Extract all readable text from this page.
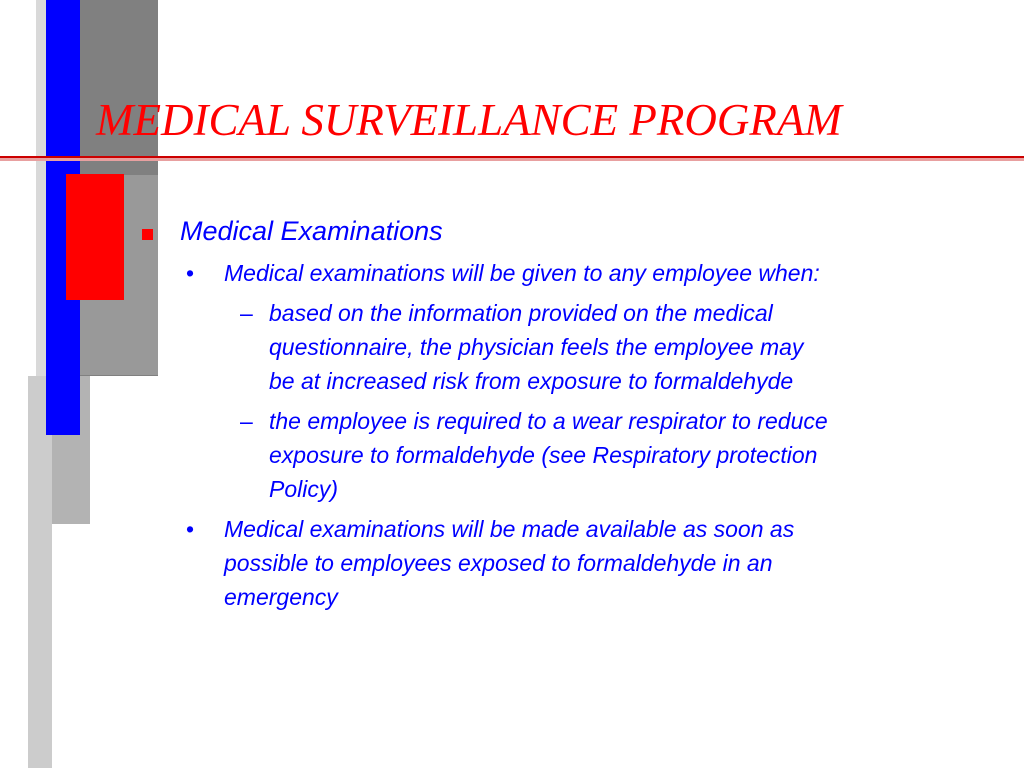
MEDICAL SURVEILLANCE PROGRAM
Medical Examinations
• Medical examinations will be given to any employee when:
– based on the information provided on the medical questionnaire, the physician feels the employee may be at increased risk from exposure to formaldehyde
– the employee is required to a wear respirator to reduce exposure to formaldehyde (see Respiratory protection Policy)
• Medical examinations will be made available as soon as possible to employees exposed to formaldehyde in an emergency
